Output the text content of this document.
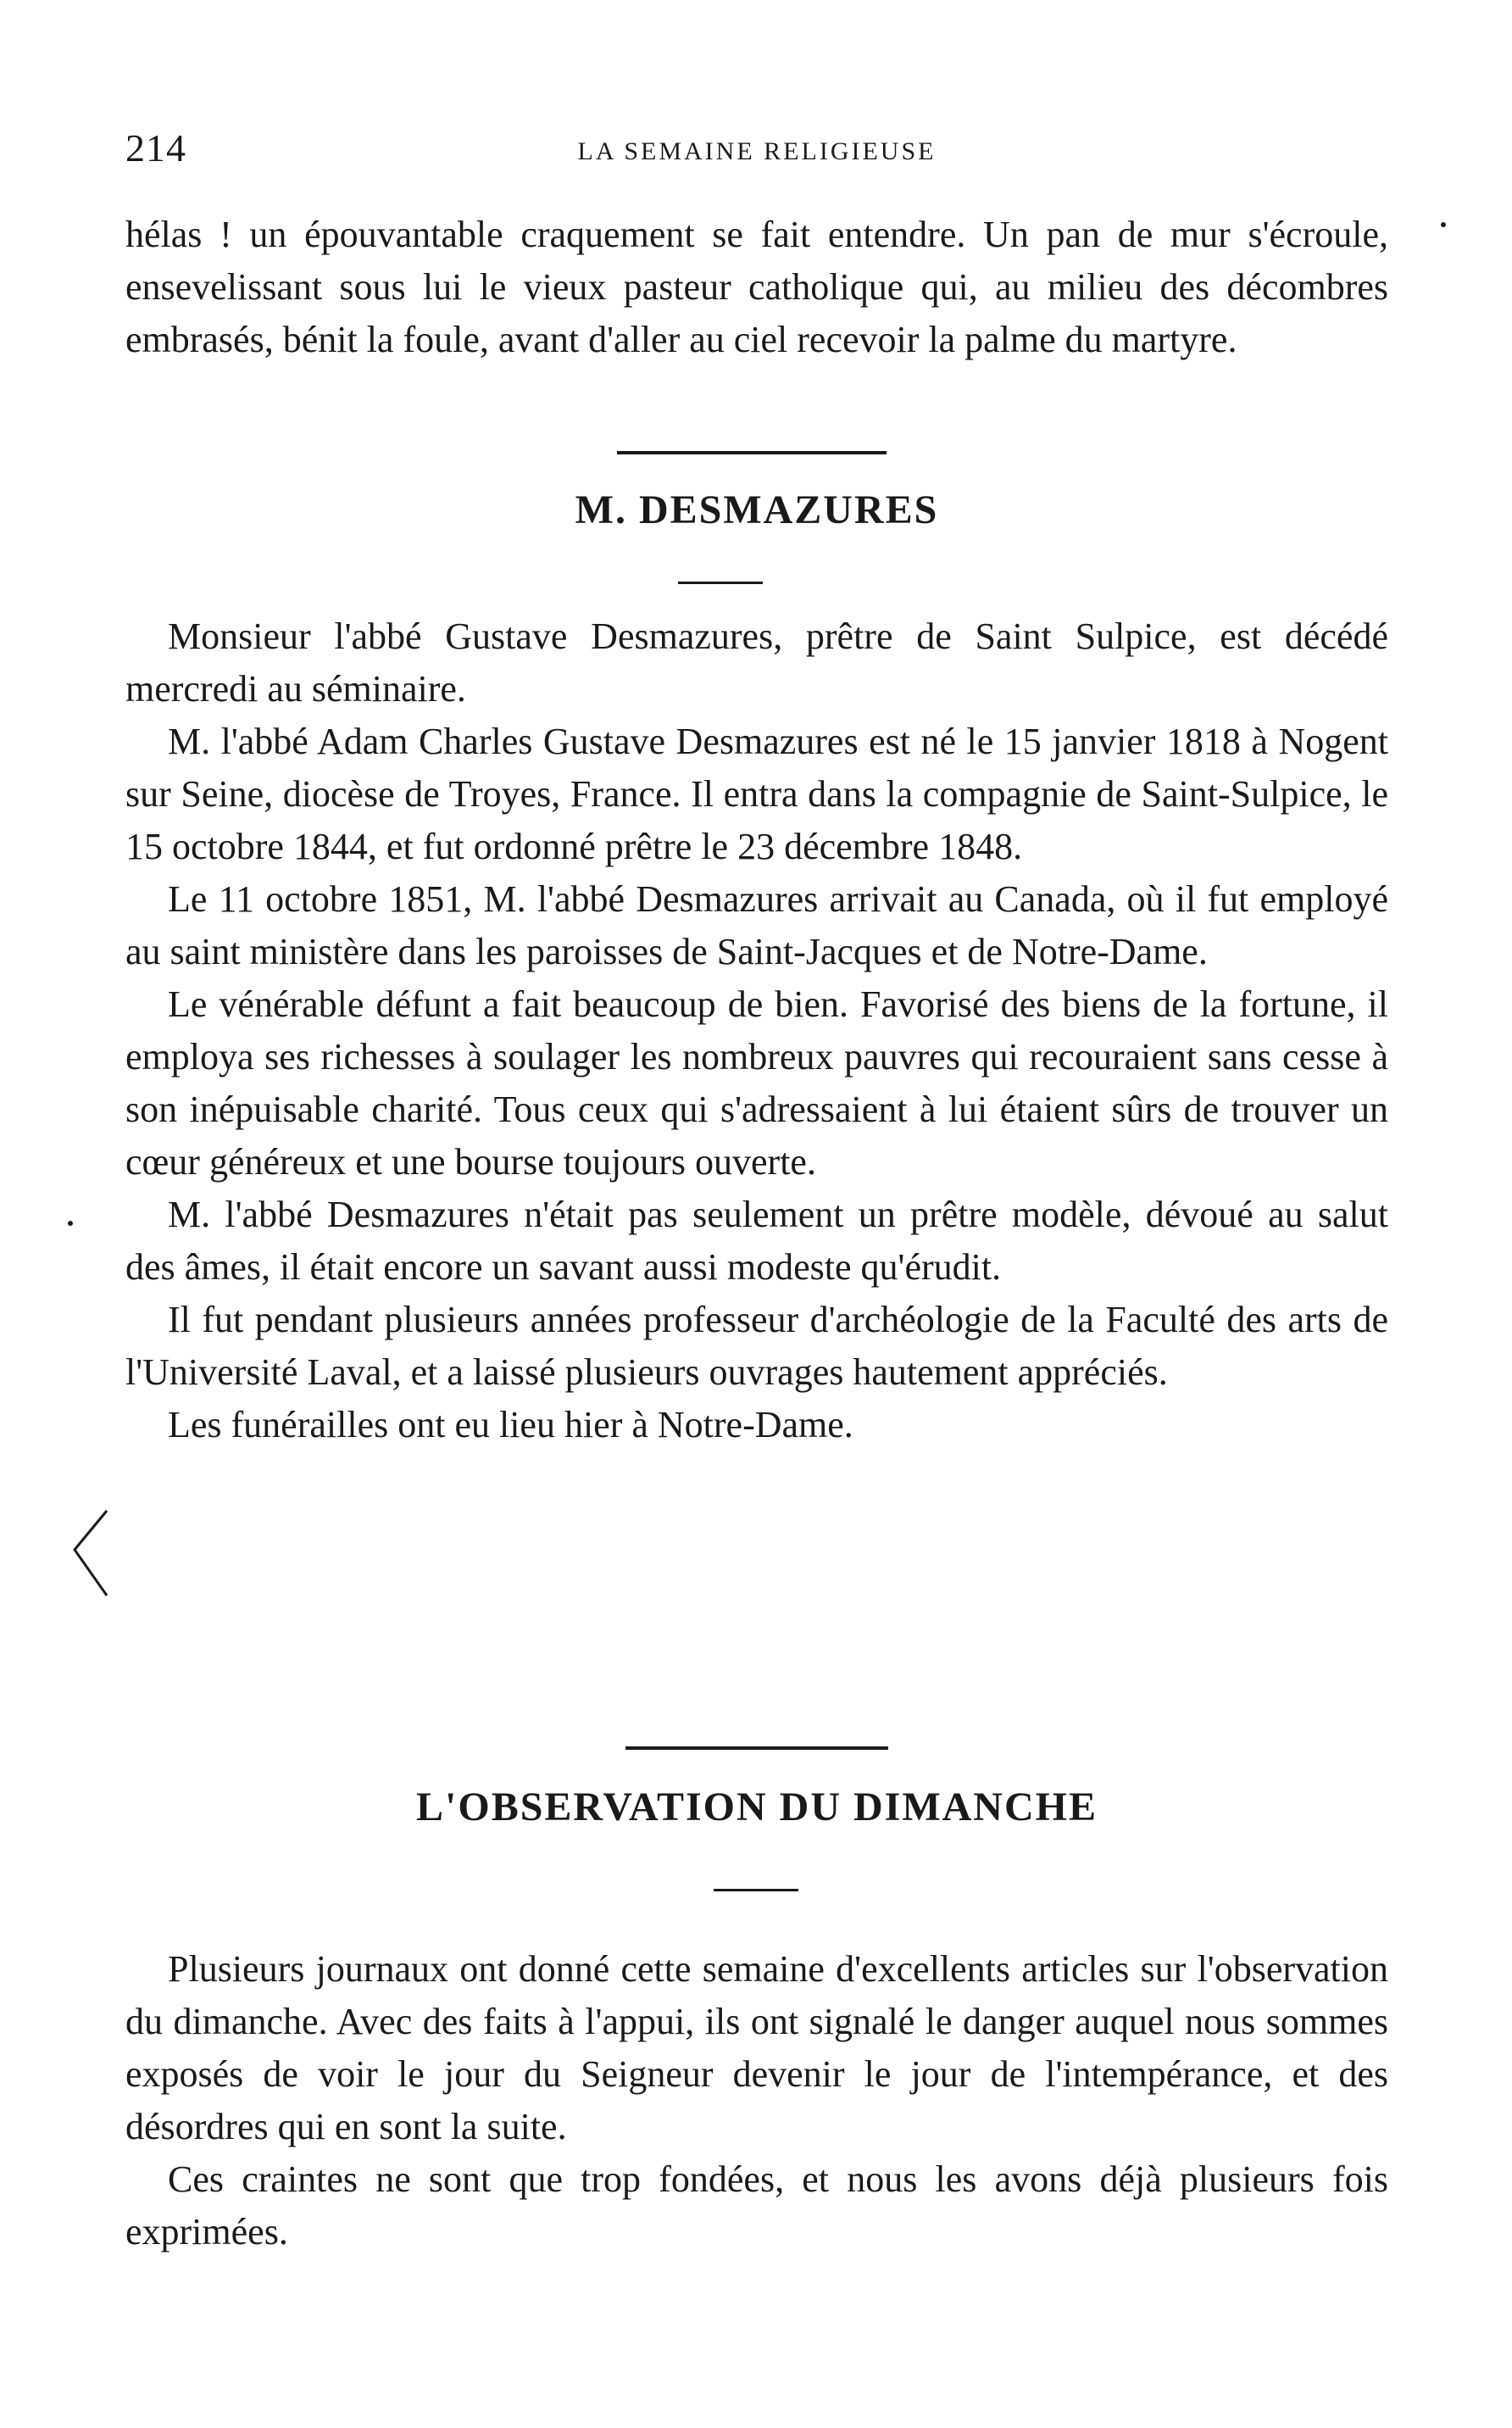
214	LA SEMAINE RELIGIEUSE

hélas ! un épouvantable craquement se fait entendre. Un pan de mur s'écroule, ensevelissant sous lui le vieux pasteur catholique qui, au milieu des décombres embrasés, bénit la foule, avant d'aller au ciel recevoir la palme du martyre.

M. DESMAZURES

Monsieur l'abbé Gustave Desmazures, prêtre de Saint Sulpice, est décédé mercredi au séminaire.

M. l'abbé Adam Charles Gustave Desmazures est né le 15 janvier 1818 à Nogent sur Seine, diocèse de Troyes, France. Il entra dans la compagnie de Saint-Sulpice, le 15 octobre 1844, et fut ordonné prêtre le 23 décembre 1848.

Le 11 octobre 1851, M. l'abbé Desmazures arrivait au Canada, où il fut employé au saint ministère dans les paroisses de Saint-Jacques et de Notre-Dame.

Le vénérable défunt a fait beaucoup de bien. Favorisé des biens de la fortune, il employa ses richesses à soulager les nombreux pauvres qui recouraient sans cesse à son inépuisable charité. Tous ceux qui s'adressaient à lui étaient sûrs de trouver un cœur généreux et une bourse toujours ouverte.

M. l'abbé Desmazures n'était pas seulement un prêtre modèle, dévoué au salut des âmes, il était encore un savant aussi modeste qu'érudit.

Il fut pendant plusieurs années professeur d'archéologie de la Faculté des arts de l'Université Laval, et a laissé plusieurs ouvrages hautement appréciés.

Les funérailles ont eu lieu hier à Notre-Dame.

L'OBSERVATION DU DIMANCHE

Plusieurs journaux ont donné cette semaine d'excellents articles sur l'observation du dimanche. Avec des faits à l'appui, ils ont signalé le danger auquel nous sommes exposés de voir le jour du Seigneur devenir le jour de l'intempérance, et des désordres qui en sont la suite.

Ces craintes ne sont que trop fondées, et nous les avons déjà plusieurs fois exprimées.
